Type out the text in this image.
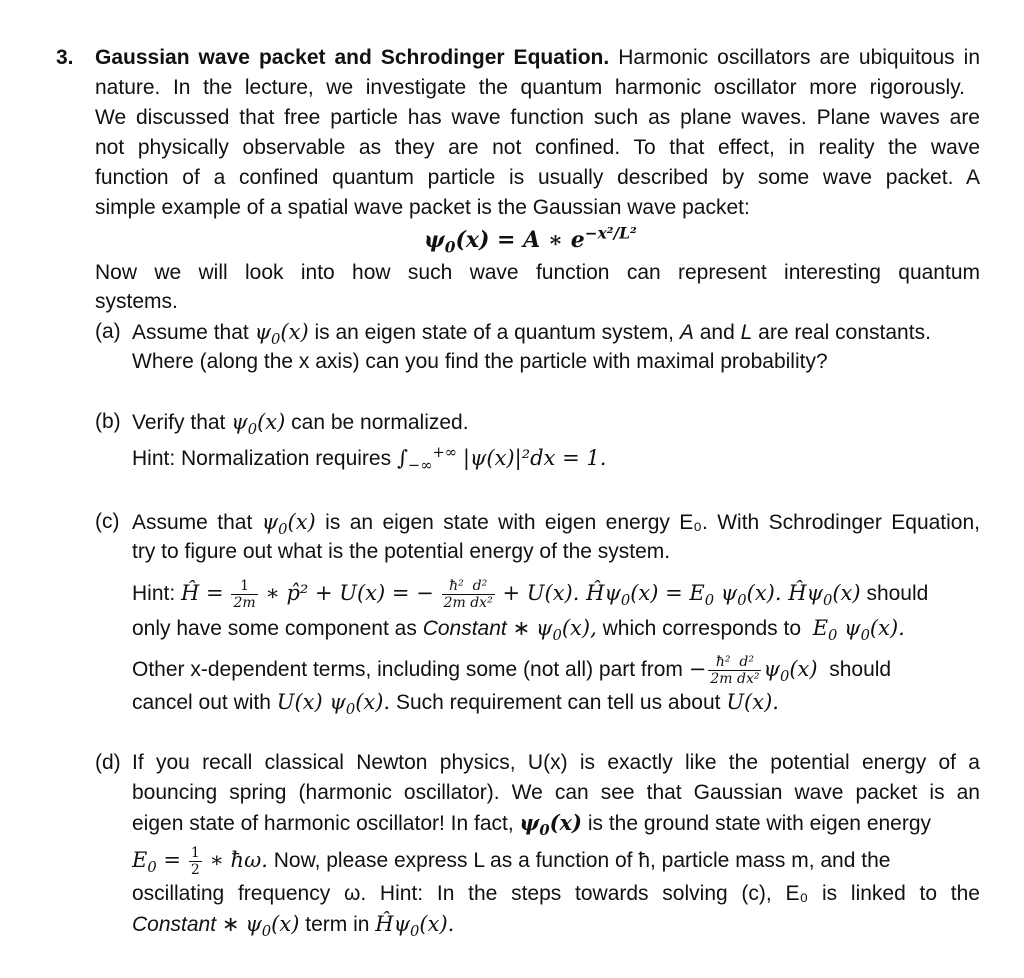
3. Gaussian wave packet and Schrodinger Equation. Harmonic oscillators are ubiquitous in
nature. In the lecture, we investigate the quantum harmonic oscillator more rigorously.
We discussed that free particle has wave function such as plane waves. Plane waves are
not physically observable as they are not confined. To that effect, in reality the wave
function of a confined quantum particle is usually described by some wave packet. A
simple example of a spatial wave packet is the Gaussian wave packet:
$\psi_0(x) = A$ ∗ $e^{-x^2/L^2}$
Now we will look into how such wave function can represent interesting quantum
systems.
(a) Assume that $\psi_0(x)$ is an eigen state of a quantum system, A and L are real constants.
Where (along the x axis) can you find the particle with maximal probability?
(b) Verify that $\psi_0(x)$ can be normalized.
Hint: Normalization requires $\int_{-\infty}^{+\infty}$ |ψ(x)|²dx = 1.
(c) Assume that $\psi_0(x)$ is an eigen state with eigen energy E₀. With Schrodinger Equation,
try to figure out what is the potential energy of the system.
Hint: Ĥ = $\frac{1}{2m}$ ∗ p̂² + U(x) = − $\frac{\text{ħ²  d²}}{\text{2m dx²}} + U(x)$. $Ĥ\psi_0(x) = E_0$ $\psi_0(x)$. $Ĥ\psi_0(x)$ should
only have some component as Constant ∗ $\psi_0(x)$, which corresponds to $E_0$ $\psi_0(x)$.
Other x-dependent terms, including some (not all) part from − $\frac{\text{ħ²  d²}}{\text{2m dx²}} \psi_0(x)$ should
cancel out with U(x) $\psi_0(x)$. Such requirement can tell us about U(x).
(d) If you recall classical Newton physics, U(x) is exactly like the potential energy of a
bouncing spring (harmonic oscillator). We can see that Gaussian wave packet is an
eigen state of harmonic oscillator! In fact, $\psi_0(x)$ is the ground state with eigen energy
$E_0 = \frac{1}{2}$ ∗ ħω. Now, please express L as a function of ħ, particle mass m, and the
oscillating frequency ω. Hint: In the steps towards solving (c), E₀ is linked to the
Constant ∗ $\psi_0(x)$ term in $Ĥ\psi_0(x)$.
